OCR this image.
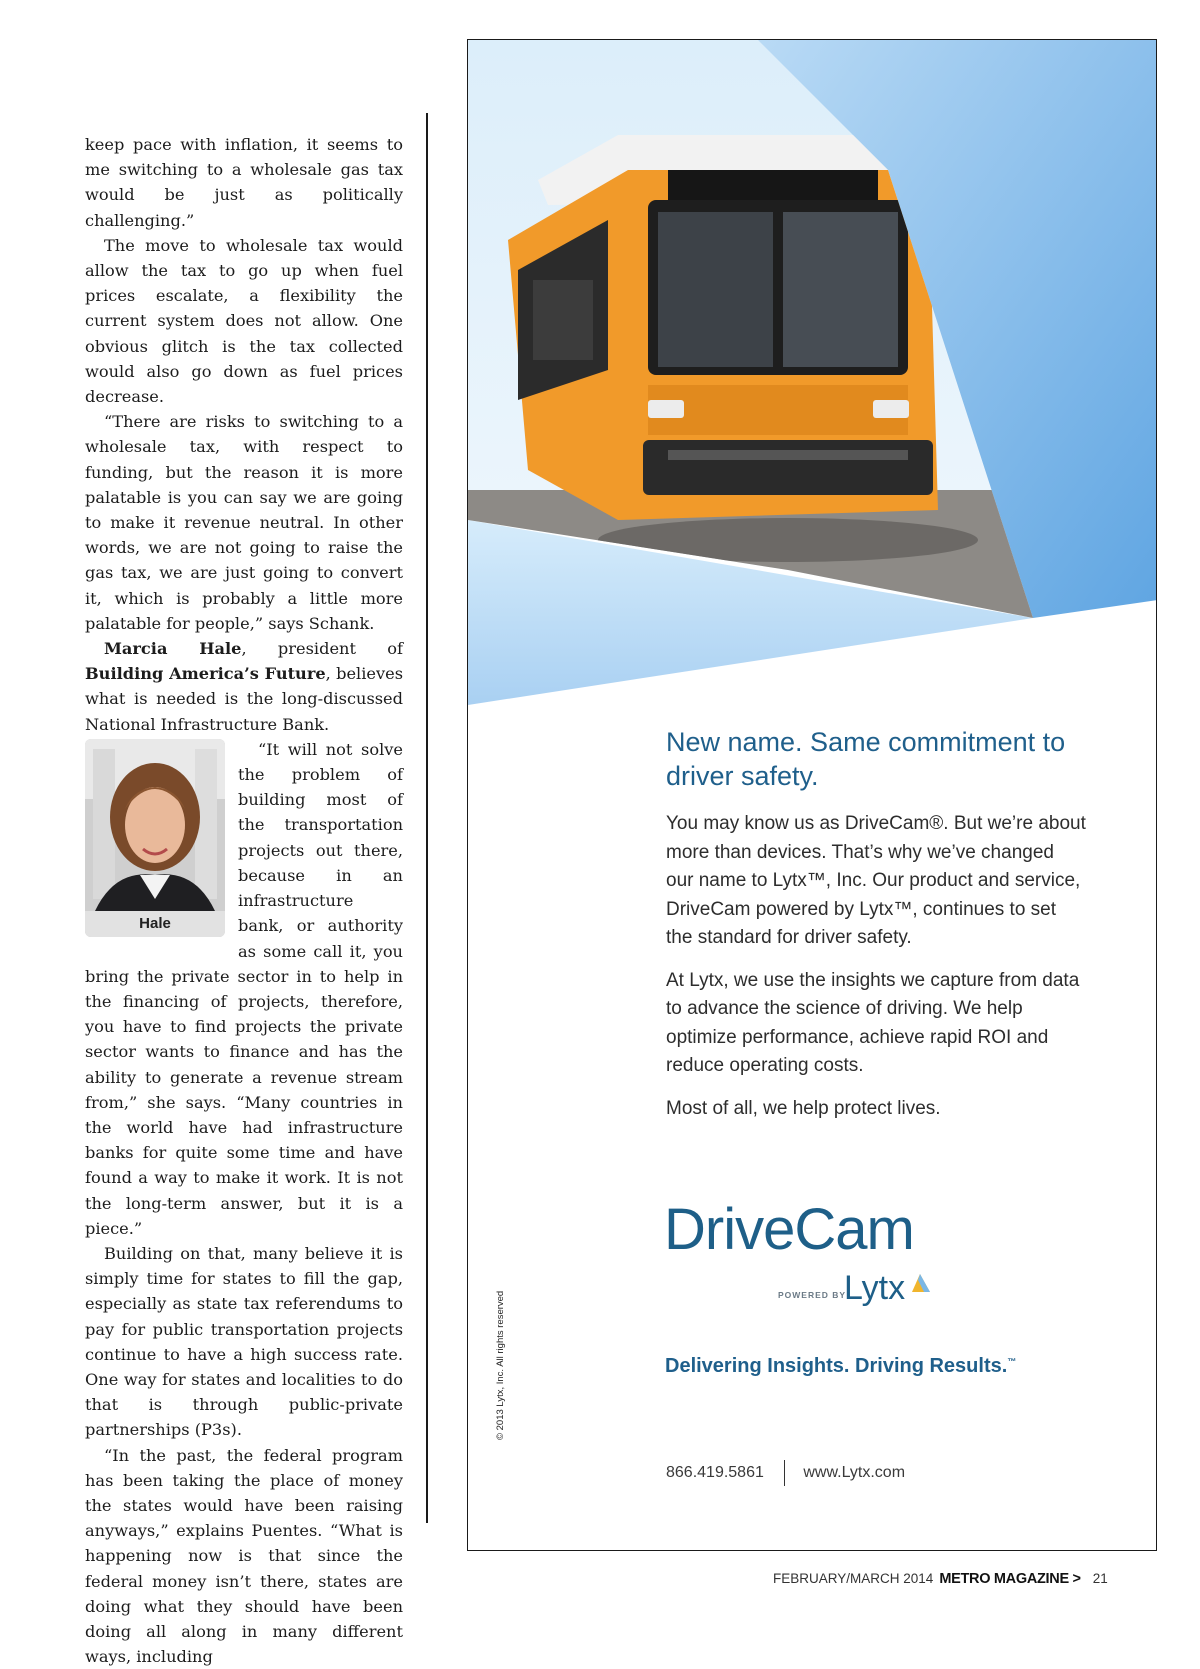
keep pace with inflation, it seems to me switching to a wholesale gas tax would be just as politically challenging.”

The move to wholesale tax would allow the tax to go up when fuel prices escalate, a flexibility the current system does not allow. One obvious glitch is the tax collected would also go down as fuel prices decrease.

“There are risks to switching to a wholesale tax, with respect to funding, but the reason it is more palatable is you can say we are going to make it revenue neutral. In other words, we are not going to raise the gas tax, we are just going to convert it, which is probably a little more palatable for people,” says Schank.

Marcia Hale, president of Building America’s Future, believes what is needed is the long-discussed National Infrastructure Bank.

Hale

“It will not solve the problem of building most of the transportation projects out there, because in an infrastructure bank, or authority as some call it, you bring the private sector in to help in the financing of projects, therefore, you have to find projects the private sector wants to finance and has the ability to generate a revenue stream from,” she says. “Many countries in the world have had infrastructure banks for quite some time and have found a way to make it work. It is not the long-term answer, but it is a piece.”

Building on that, many believe it is simply time for states to fill the gap, especially as state tax referendums to pay for public transportation projects continue to have a high success rate. One way for states and localities to do that is through public-private partnerships (P3s).

“In the past, the federal program has been taking the place of money the states would have been raising anyways,” explains Puentes. “What is happening now is that since the federal money isn’t there, states are doing what they should have been doing all along in many different ways, including

New name. Same commitment to driver safety.

You may know us as DriveCam®. But we’re about more than devices. That’s why we’ve changed our name to Lytx™, Inc. Our product and service, DriveCam powered by Lytx™, continues to set the standard for driver safety.

At Lytx, we use the insights we capture from data to advance the science of driving. We help optimize performance, achieve rapid ROI and reduce operating costs.

Most of all, we help protect lives.

DriveCam
POWERED BY
Lytx
Delivering Insights. Driving Results.™
866.419.5861 www.Lytx.com
© 2013 Lytx, Inc. All rights reserved
FEBRUARY/MARCH 2014 METRO MAGAZINE > 21
